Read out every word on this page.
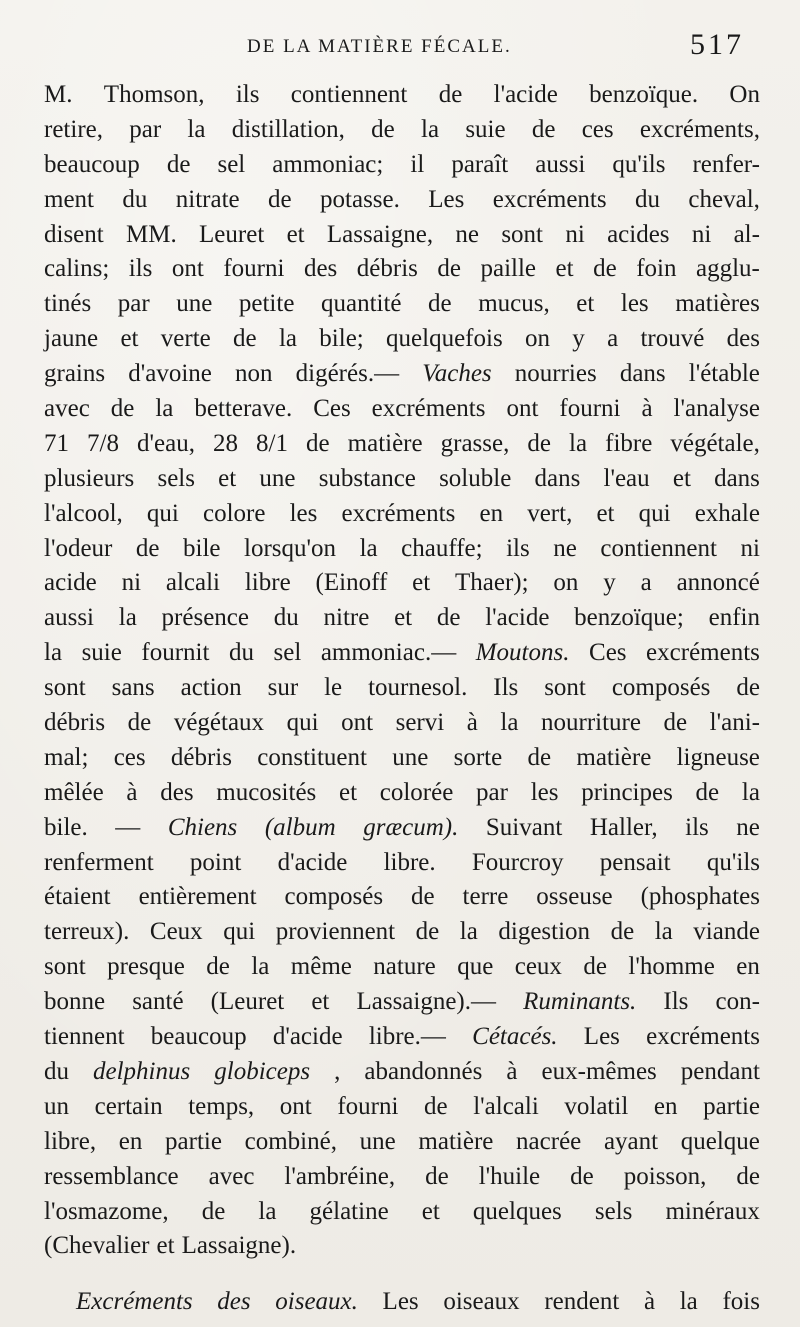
DE LA MATIÈRE FÉCALE.	517
M. Thomson, ils contiennent de l'acide benzoïque. On
retire, par la distillation, de la suie de ces excréments,
beaucoup de sel ammoniac; il paraît aussi qu'ils renfer-
ment du nitrate de potasse. Les excréments du cheval,
disent MM. Leuret et Lassaigne, ne sont ni acides ni al-
calins; ils ont fourni des débris de paille et de foin agglu-
tinés par une petite quantité de mucus, et les matières
jaune et verte de la bile; quelquefois on y a trouvé des
grains d'avoine non digérés.— Vaches nourries dans l'étable
avec de la betterave. Ces excréments ont fourni à l'analyse
71 7/8 d'eau, 28 8/1 de matière grasse, de la fibre végétale,
plusieurs sels et une substance soluble dans l'eau et dans
l'alcool, qui colore les excréments en vert, et qui exhale
l'odeur de bile lorsqu'on la chauffe; ils ne contiennent ni
acide ni alcali libre (Einoff et Thaer); on y a annoncé
aussi la présence du nitre et de l'acide benzoïque; enfin
la suie fournit du sel ammoniac.— Moutons. Ces excréments
sont sans action sur le tournesol. Ils sont composés de
débris de végétaux qui ont servi à la nourriture de l'ani-
mal; ces débris constituent une sorte de matière ligneuse
mêlée à des mucosités et colorée par les principes de la
bile. — Chiens (album græcum). Suivant Haller, ils ne
renferment point d'acide libre. Fourcroy pensait qu'ils
étaient entièrement composés de terre osseuse (phosphates
terreux). Ceux qui proviennent de la digestion de la viande
sont presque de la même nature que ceux de l'homme en
bonne santé (Leuret et Lassaigne).— Ruminants. Ils con-
tiennent beaucoup d'acide libre.— Cétacés. Les excréments
du delphinus globiceps , abandonnés à eux-mêmes pendant
un certain temps, ont fourni de l'alcali volatil en partie
libre, en partie combiné, une matière nacrée ayant quelque
ressemblance avec l'ambréine, de l'huile de poisson, de
l'osmazome, de la gélatine et quelques sels minéraux
(Chevalier et Lassaigne).
Excréments des oiseaux. Les oiseaux rendent à la fois
